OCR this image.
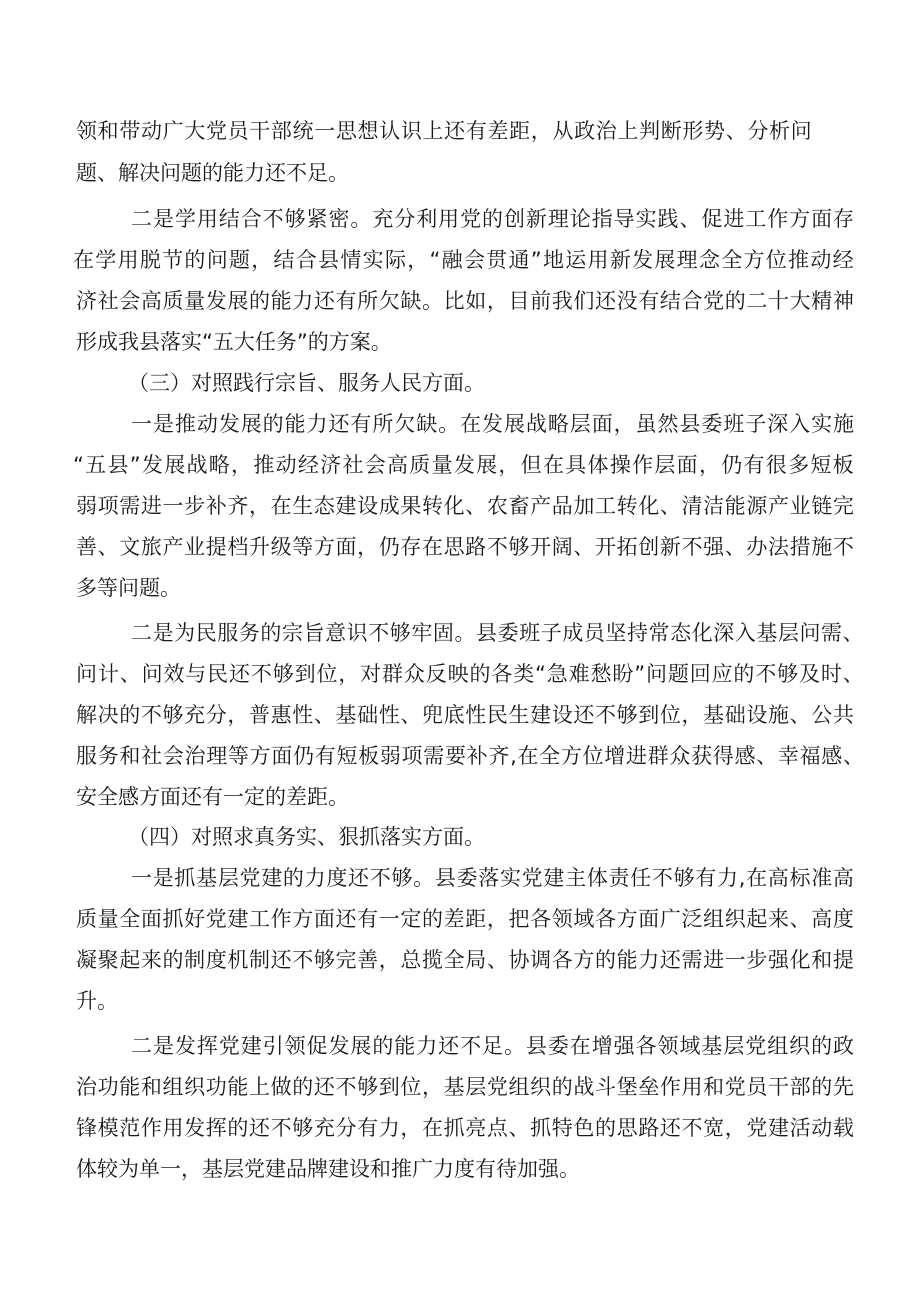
领 和 带 动 广 大 党 员 干 部 统 一 思 想 认 识 上 还 有 差 距 ， 从 政 治 上 判 断 形 势 、 分 析 问
题、解决问题的能力还不足。
二 是 学 用 结 合 不 够 紧 密 。 充 分 利 用 党 的 创 新 理 论 指 导 实 践 、 促 进 工 作 方 面 存
在 学 用 脱 节 的 问 题 ， 结 合 县 情 实 际 ， “ 融 会 贯 通 ” 地 运 用 新 发 展 理 念 全 方 位 推 动 经
济 社 会 高 质 量 发 展 的 能 力 还 有 所 欠 缺 。 比 如 ， 目 前 我 们 还 没 有 结 合 党 的 二 十 大 精 神
形成我县落实“五大任务”的方案。
（三）对照践行宗旨、服务人民方面。
一 是 推 动 发 展 的 能 力 还 有 所 欠 缺 。 在 发 展 战 略 层 面 ， 虽 然 县 委 班 子 深 入 实 施
“ 五 县 ” 发 展 战 略 ， 推 动 经 济 社 会 高 质 量 发 展 ， 但 在 具 体 操 作 层 面 ， 仍 有 很 多 短 板
弱 项 需 进 一 步 补 齐 ， 在 生 态 建 设 成 果 转 化 、 农 畜 产 品 加 工 转 化 、 清 洁 能 源 产 业 链 完
善 、 文 旅 产 业 提 档 升 级 等 方 面 ， 仍 存 在 思 路 不 够 开 阔 、 开 拓 创 新 不 强 、 办 法 措 施 不
多等问题。
二 是 为 民 服 务 的 宗 旨 意 识 不 够 牢 固 。 县 委 班 子 成 员 坚 持 常 态 化 深 入 基 层 问 需 、
问 计 、 问 效 与 民 还 不 够 到 位 ， 对 群 众 反 映 的 各 类 “ 急 难 愁 盼 ” 问 题 回 应 的 不 够 及 时 、
解 决 的 不 够 充 分 ， 普 惠 性 、 基 础 性 、 兜 底 性 民 生 建 设 还 不 够 到 位 ， 基 础 设 施 、 公 共
服 务 和 社 会 治 理 等 方 面 仍 有 短 板 弱 项 需 要 补 齐 , 在 全 方 位 增 进 群 众 获 得 感 、 幸 福 感 、
安全感方面还有一定的差距。
（四）对照求真务实、狠抓落实方面。
一 是 抓 基 层 党 建 的 力 度 还 不 够 。 县 委 落 实 党 建 主 体 责 任 不 够 有 力 , 在 高 标 准 高
质 量 全 面 抓 好 党 建 工 作 方 面 还 有 一 定 的 差 距 ， 把 各 领 域 各 方 面 广 泛 组 织 起 来 、 高 度
凝 聚 起 来 的 制 度 机 制 还 不 够 完 善 ， 总 揽 全 局 、 协 调 各 方 的 能 力 还 需 进 一 步 强 化 和 提
升。
二 是 发 挥 党 建 引 领 促 发 展 的 能 力 还 不 足 。 县 委 在 增 强 各 领 域 基 层 党 组 织 的 政
治 功 能 和 组 织 功 能 上 做 的 还 不 够 到 位 ， 基 层 党 组 织 的 战 斗 堡 垒 作 用 和 党 员 干 部 的 先
锋 模 范 作 用 发 挥 的 还 不 够 充 分 有 力 ， 在 抓 亮 点 、 抓 特 色 的 思 路 还 不 宽 ， 党 建 活 动 载
体较为单一，基层党建品牌建设和推广力度有待加强。
